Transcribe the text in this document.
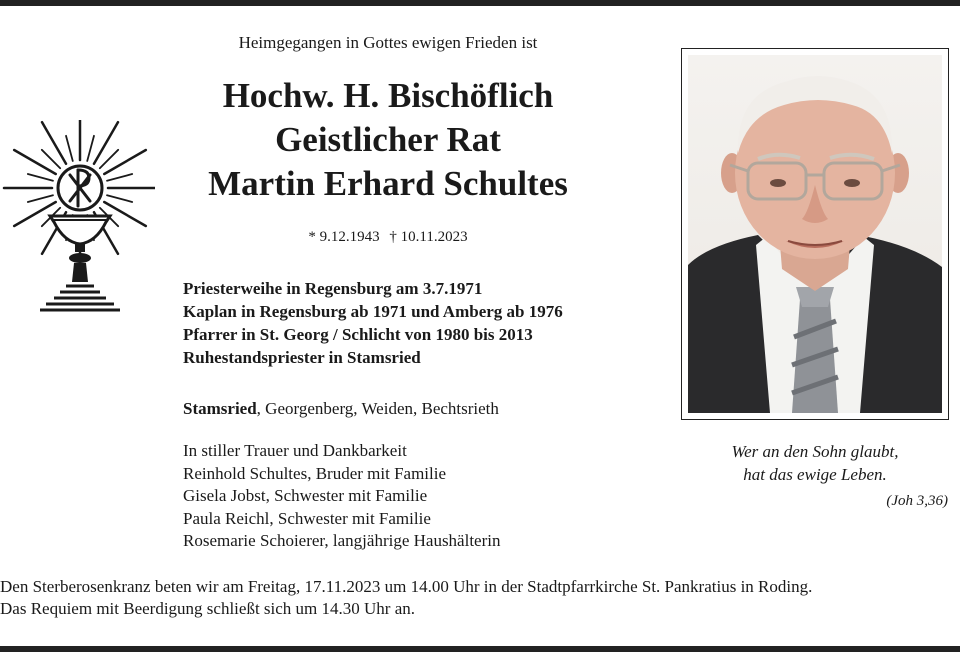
Heimgegangen in Gottes ewigen Frieden ist
Hochw. H. Bischöflich
Geistlicher Rat
Martin Erhard Schultes
* 9.12.1943 † 10.11.2023
Priesterweihe in Regensburg am 3.7.1971
Kaplan in Regensburg ab 1971 und Amberg ab 1976
Pfarrer in St. Georg / Schlicht von 1980 bis 2013
Ruhestandspriester in Stamsried
Stamsried, Georgenberg, Weiden, Bechtsrieth
In stiller Trauer und Dankbarkeit
Reinhold Schultes, Bruder mit Familie
Gisela Jobst, Schwester mit Familie
Paula Reichl, Schwester mit Familie
Rosemarie Schoierer, langjährige Haushälterin
Wer an den Sohn glaubt,
hat das ewige Leben.
(Joh 3,36)
Den Sterberosenkranz beten wir am Freitag, 17.11.2023 um 14.00 Uhr in der Stadtpfarrkirche St. Pankratius in Roding.
Das Requiem mit Beerdigung schließt sich um 14.30 Uhr an.
